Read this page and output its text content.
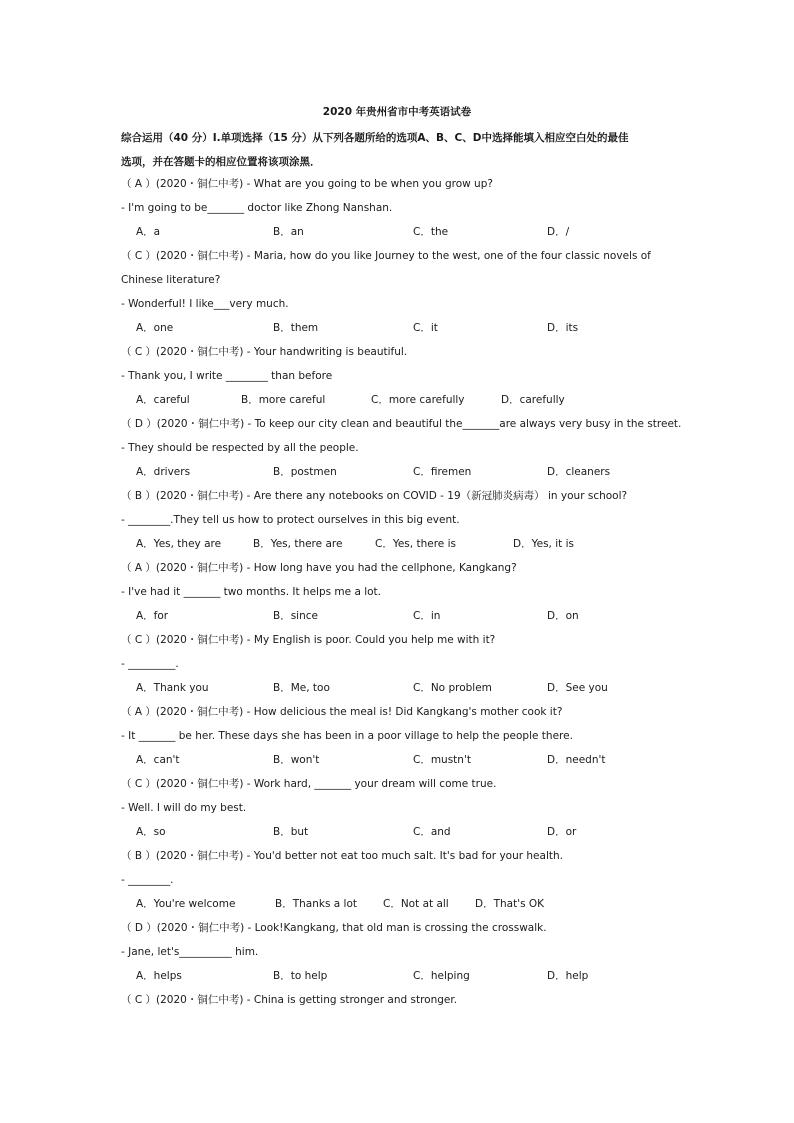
2020 年贵州省市中考英语试卷
综合运用（40 分）I.单项选择（15 分）从下列各题所给的选项A、B、C、D中选择能填入相应空白处的最佳
选项，并在答题卡的相应位置将该项涂黑．
（ A ）(2020・铜仁中考) - What are you going to be when you grow up?
- I'm going to be_______ doctor like Zhong Nanshan.
A．a	B．an	C．the	D．/
（ C ）(2020・铜仁中考) - Maria, how do you like Journey to the west, one of the four classic novels of
Chinese literature?
- Wonderful! I like___very much.
A．one	B．them	C．it	D．its
（ C ）(2020・铜仁中考) - Your handwriting is beautiful.
- Thank you, I write ________ than before
A．careful	B．more careful	C．more carefully	D．carefully
（ D ）(2020・铜仁中考) - To keep our city clean and beautiful the_______are always very busy in the street.
- They should be respected by all the people.
A．drivers	B．postmen	C．firemen	D．cleaners
（ B ）(2020・铜仁中考) - Are there any notebooks on COVID - 19（新冠肺炎病毒） in your school?
- ________.They tell us how to protect ourselves in this big event.
A．Yes, they are	B．Yes, there are	C．Yes, there is	D．Yes, it is
（ A ）(2020・铜仁中考) - How long have you had the cellphone, Kangkang?
- I've had it _______ two months. It helps me a lot.
A．for	B．since	C．in	D．on
（ C ）(2020・铜仁中考) - My English is poor. Could you help me with it?
- _________.
A．Thank you	B．Me, too	C．No problem	D．See you
（ A ）(2020・铜仁中考) - How delicious the meal is! Did Kangkang's mother cook it?
- It _______ be her. These days she has been in a poor village to help the people there.
A．can't	B．won't	C．mustn't	D．needn't
（ C ）(2020・铜仁中考) - Work hard, _______ your dream will come true.
- Well. I will do my best.
A．so	B．but	C．and	D．or
（ B ）(2020・铜仁中考) - You'd better not eat too much salt. It's bad for your health.
- ________.
A．You're welcome	B．Thanks a lot C．Not at all	D．That's OK
（ D ）(2020・铜仁中考) - Look!Kangkang, that old man is crossing the crosswalk.
- Jane, let's__________ him.
A．helps	B．to help	C．helping	D．help
（ C ）(2020・铜仁中考) - China is getting stronger and stronger.
